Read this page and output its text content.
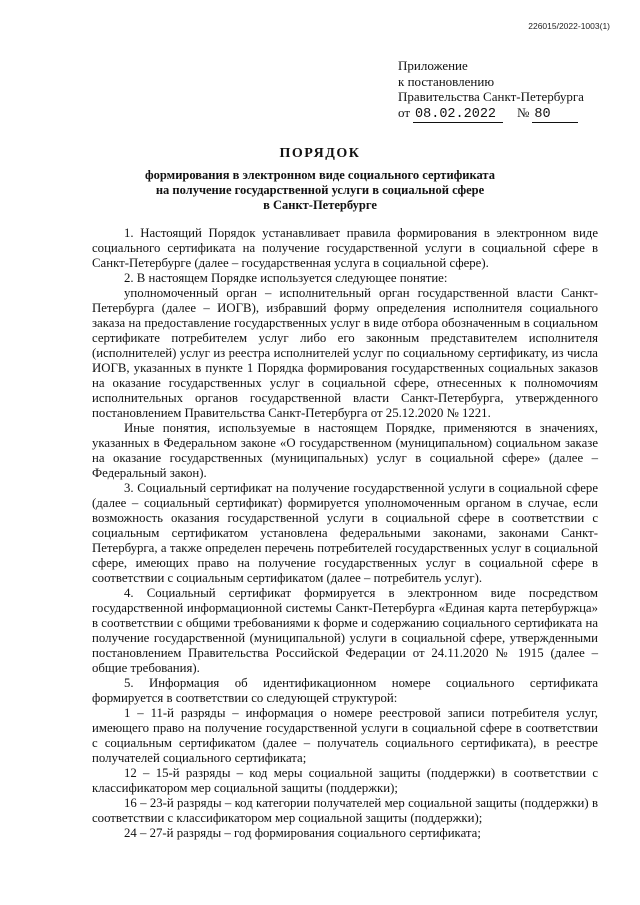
226015/2022-1003(1)
Приложение
к постановлению
Правительства Санкт-Петербурга
от 08.02.2022	№ 80
ПОРЯДОК
формирования в электронном виде социального сертификата
на получение государственной услуги в социальной сфере
в Санкт-Петербурге

1. Настоящий Порядок устанавливает правила формирования в электронном виде социального сертификата на получение государственной услуги в социальной сфере в Санкт-Петербурге (далее – государственная услуга в социальной сфере).

2. В настоящем Порядке используется следующее понятие:

уполномоченный орган – исполнительный орган государственной власти Санкт-Петербурга (далее – ИОГВ), избравший форму определения исполнителя социального заказа на предоставление государственных услуг в виде отбора обозначенным в социальном сертификате потребителем услуг либо его законным представителем исполнителя (исполнителей) услуг из реестра исполнителей услуг по социальному сертификату, из числа ИОГВ, указанных в пункте 1 Порядка формирования государственных социальных заказов на оказание государственных услуг в социальной сфере, отнесенных к полномочиям исполнительных органов государственной власти Санкт-Петербурга, утвержденного постановлением Правительства Санкт-Петербурга от 25.12.2020 № 1221.

Иные понятия, используемые в настоящем Порядке, применяются в значениях, указанных в Федеральном законе «О государственном (муниципальном) социальном заказе на оказание государственных (муниципальных) услуг в социальной сфере» (далее – Федеральный закон).

3. Социальный сертификат на получение государственной услуги в социальной сфере (далее – социальный сертификат) формируется уполномоченным органом в случае, если возможность оказания государственной услуги в социальной сфере в соответствии с социальным сертификатом установлена федеральными законами, законами Санкт-Петербурга, а также определен перечень потребителей государственных услуг в социальной сфере, имеющих право на получение государственных услуг в социальной сфере в соответствии с социальным сертификатом (далее – потребитель услуг).

4. Социальный сертификат формируется в электронном виде посредством государственной информационной системы Санкт-Петербурга «Единая карта петербуржца» в соответствии с общими требованиями к форме и содержанию социального сертификата на получение государственной (муниципальной) услуги в социальной сфере, утвержденными постановлением Правительства Российской Федерации от 24.11.2020 № 1915 (далее – общие требования).

5. Информация об идентификационном номере социального сертификата формируется в соответствии со следующей структурой:

1 – 11-й разряды – информация о номере реестровой записи потребителя услуг, имеющего право на получение государственной услуги в социальной сфере в соответствии с социальным сертификатом (далее – получатель социального сертификата), в реестре получателей социального сертификата;

12 – 15-й разряды – код меры социальной защиты (поддержки) в соответствии с классификатором мер социальной защиты (поддержки);

16 – 23-й разряды – код категории получателей мер социальной защиты (поддержки) в соответствии с классификатором мер социальной защиты (поддержки);

24 – 27-й разряды – год формирования социального сертификата;
